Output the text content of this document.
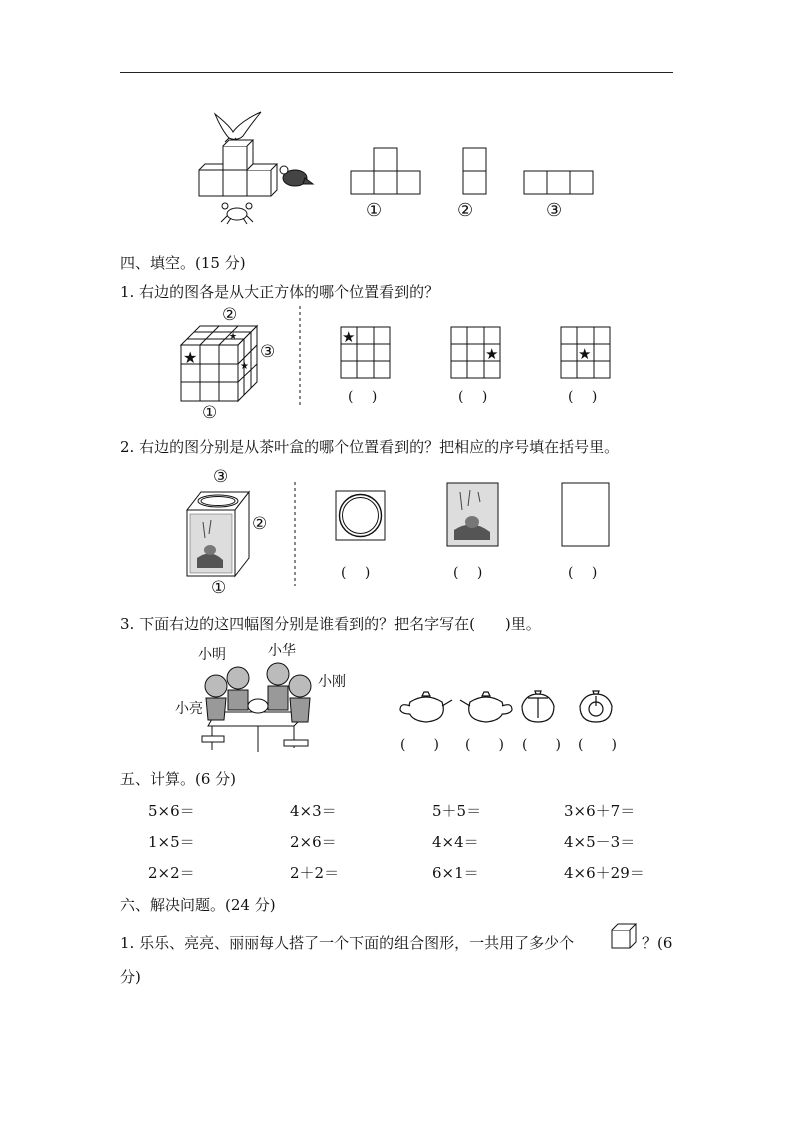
①	②	③
四、填空。(15 分)
1. 右边的图各是从大正方体的哪个位置看到的？
★
★
★
②
③
①
★
★	★
(　 )	(　 )	(　 )
2. 右边的图分别是从茶叶盒的哪个位置看到的？把相应的序号填在括号里。
③
②
①
(　 )	(　 )	(　 )
3. 下面右边的这四幅图分别是谁看到的？把名字写在(　　)里。
小明	小华
小刚
小亮
(　　) (　　) (　　) (　　)
五、计算。(6 分)
5×6＝	4×3＝	5＋5＝	3×6＋7＝
1×5＝	2×6＝	4×4＝	4×5－3＝
2×2＝	2＋2＝	6×1＝	4×6＋29＝
六、解决问题。(24 分)
1. 乐乐、亮亮、丽丽每人搭了一个下面的组合图形，一共用了多少个	？(6
分)
